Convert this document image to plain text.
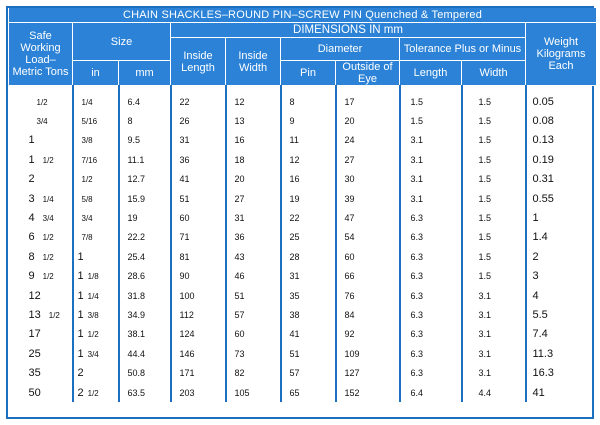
CHAIN SHACKLES–ROUND PIN–SCREW PIN Quenched & Tempered									
Safe Working Load– Metric Tons	Size		DIMENSIONS IN mm						Weight Kilograms Each
			Inside Length	Inside Width	Diameter		Tolerance Plus or Minus		
	in	mm			Pin	Outside of Eye	Length	Width	

1/2	1/4	6.4	22	12	8	17	1.5	1.5	0.05
3/4	5/16	8	26	13	9	20	1.5	1.5	0.08
1	3/8	9.5	31	16	11	24	3.1	1.5	0.13
1 1/2	7/16	11.1	36	18	12	27	3.1	1.5	0.19
2	1/2	12.7	41	20	16	30	3.1	1.5	0.31
3 1/4	5/8	15.9	51	27	19	39	3.1	1.5	0.55
4 3/4	3/4	19	60	31	22	47	6.3	1.5	1
6 1/2	7/8	22.2	71	36	25	54	6.3	1.5	1.4
8 1/2	1	25.4	81	43	28	60	6.3	1.5	2
9 1/2	1 1/8	28.6	90	46	31	66	6.3	1.5	3
12	1 1/4	31.8	100	51	35	76	6.3	3.1	4
13 1/2	1 3/8	34.9	112	57	38	84	6.3	3.1	5.5
17	1 1/2	38.1	124	60	41	92	6.3	3.1	7.4
25	1 3/4	44.4	146	73	51	109	6.3	3.1	11.3
35	2	50.8	171	82	57	127	6.3	3.1	16.3
50	2 1/2	63.5	203	105	65	152	6.4	4.4	41
